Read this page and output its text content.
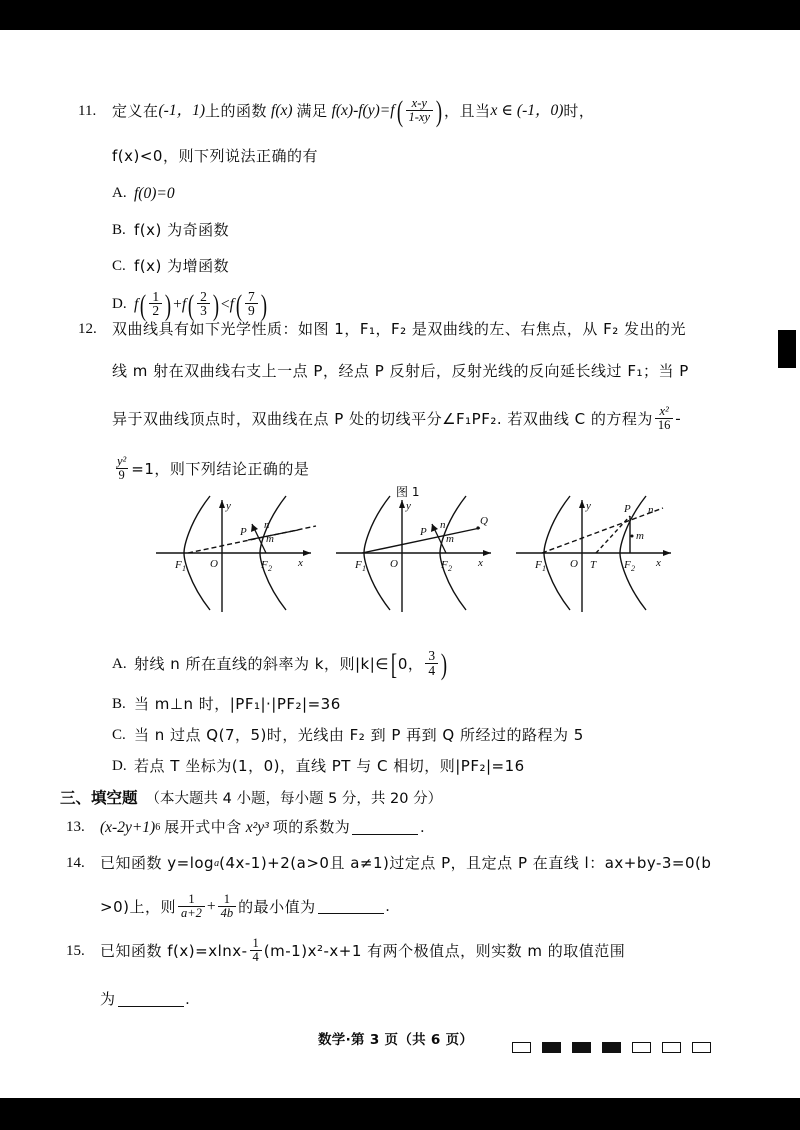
11.	定义在 (-1，1) 上的函数 f(x) 满足 f(x)-f(y)=f ( $\frac{x-y}{1-xy}$ ) ，且当 x ∈ (-1，0) 时，
f(x)<0，则下列说法正确的有
A. f(0)=0
B. f(x) 为奇函数
C. f(x) 为增函数
D. f ( $\frac{1}{2}$ ) + f ( $\frac{2}{3}$ ) < f ( $\frac{7}{9}$ )
12.	双曲线具有如下光学性质：如图 1，F₁，F₂ 是双曲线的左、右焦点，从 F₂ 发出的光
线 m 射在双曲线右支上一点 P，经点 P 反射后，反射光线的反向延长线过 F₁；当 P
异于双曲线顶点时，双曲线在点 P 处的切线平分∠F₁PF₂. 若双曲线 C 的方程为 $\frac{\text{x²}}{16}$ -
$\frac{\text{y²}}{9} =1$，则下列结论正确的是
F 1	F 2
O	x
y
P
n
m
F 1	F 2
O	x
y
P
n
m
Q
F 1	F 2
O T	x
y	P n
m
图 1
A. 射线 n 所在直线的斜率为 k，则|k|∈ [ 0， $\frac{3}{4}$ )
B. 当 m⊥n 时，|PF₁|·|PF₂|=36
C. 当 n 过点 Q(7，5)时，光线由 F₂ 到 P 再到 Q 所经过的路程为 5
D. 若点 T 坐标为(1，0)，直线 PT 与 C 相切，则|PF₂|=16
三、填空题 （本大题共 4 小题，每小题 5 分，共 20 分）
13. (x-2y+1) 6 展开式中含 x²y³ 项的系数为	.
14.	已知函数 y=log a (4x-1)+2(a>0且 a≠1)过定点 P，且定点 P 在直线 l：ax+by-3=0(b
>0)上，则 $\frac{1}{a+2} + \frac{1}{4b}$ 的最小值为	.
15.	已知函数 $f(x)=xlnx- \frac{1}{4} (m-1)x^2-x+1$ 有两个极值点，则实数 m 的取值范围
为	.
数学·第 3 页（共 6 页）
